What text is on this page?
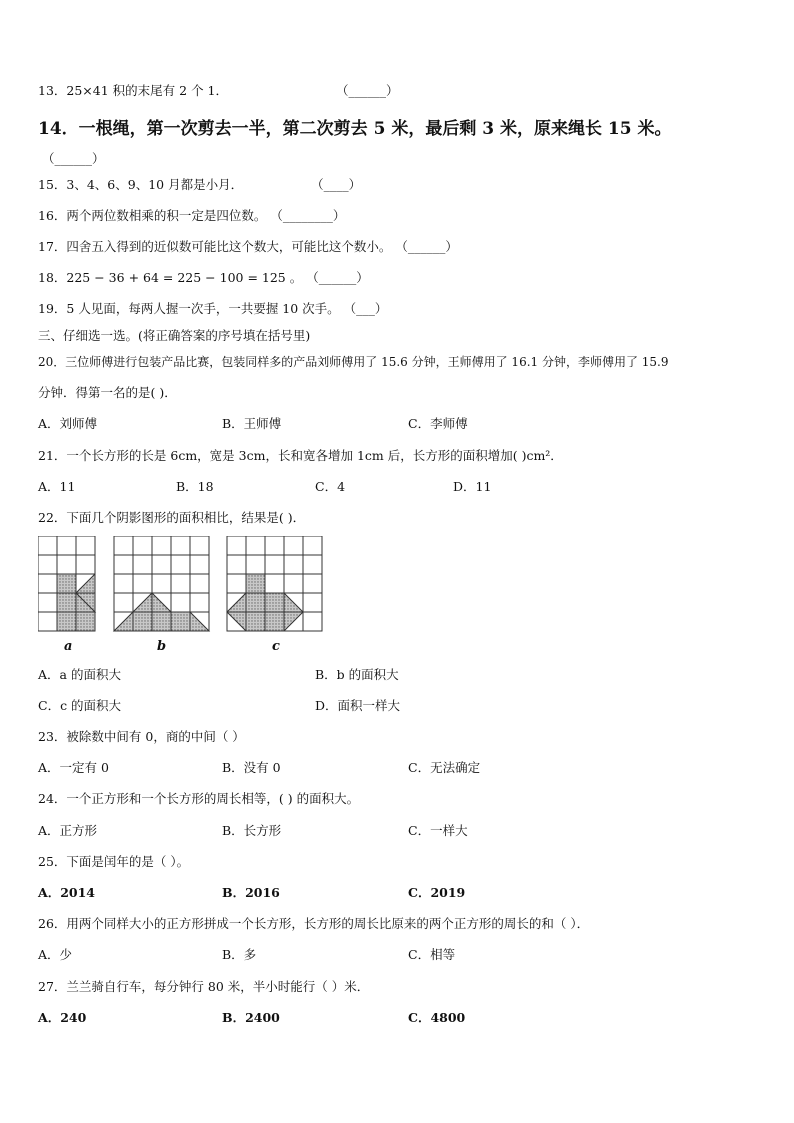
13．25×41 积的末尾有 2 个 1．	（______）
14．一根绳，第一次剪去一半，第二次剪去 5 米，最后剩 3 米，原来绳长 15 米。
（______）
15．3、4、6、9、10 月都是小月．	（____）
16．两个两位数相乘的积一定是四位数。 （________）
17．四舍五入得到的近似数可能比这个数大，可能比这个数小。 （______）
18．225 − 36 + 64 = 225 − 100 = 125 。 （______）
19．5 人见面，每两人握一次手，一共要握 10 次手。 （___）
三、仔细选一选。(将正确答案的序号填在括号里)
20．三位师傅进行包装产品比赛，包装同样多的产品刘师傅用了 15.6 分钟，王师傅用了 16.1 分钟，李师傅用了 15.9
分钟．得第一名的是( )．
A．刘师傅	B．王师傅	C．李师傅
21．一个长方形的长是 6cm，宽是 3cm，长和宽各增加 1cm 后，长方形的面积增加( )cm²．
A．11	B．18	C．4	D．11
22．下面几个阴影图形的面积相比，结果是( )．
a	b	c
A．a 的面积大	B．b 的面积大
C．c 的面积大	D．面积一样大
23．被除数中间有 0，商的中间（ ）
A．一定有 0	B．没有 0	C．无法确定
24．一个正方形和一个长方形的周长相等，( ) 的面积大。
A．正方形	B．长方形	C．一样大
25．下面是闰年的是（ ）。
A．2014	B．2016	C．2019
26．用两个同样大小的正方形拼成一个长方形，长方形的周长比原来的两个正方形的周长的和（ ）．
A．少	B．多	C．相等
27．兰兰骑自行车，每分钟行 80 米，半小时能行（ ）米．
A．240	B．2400	C．4800
